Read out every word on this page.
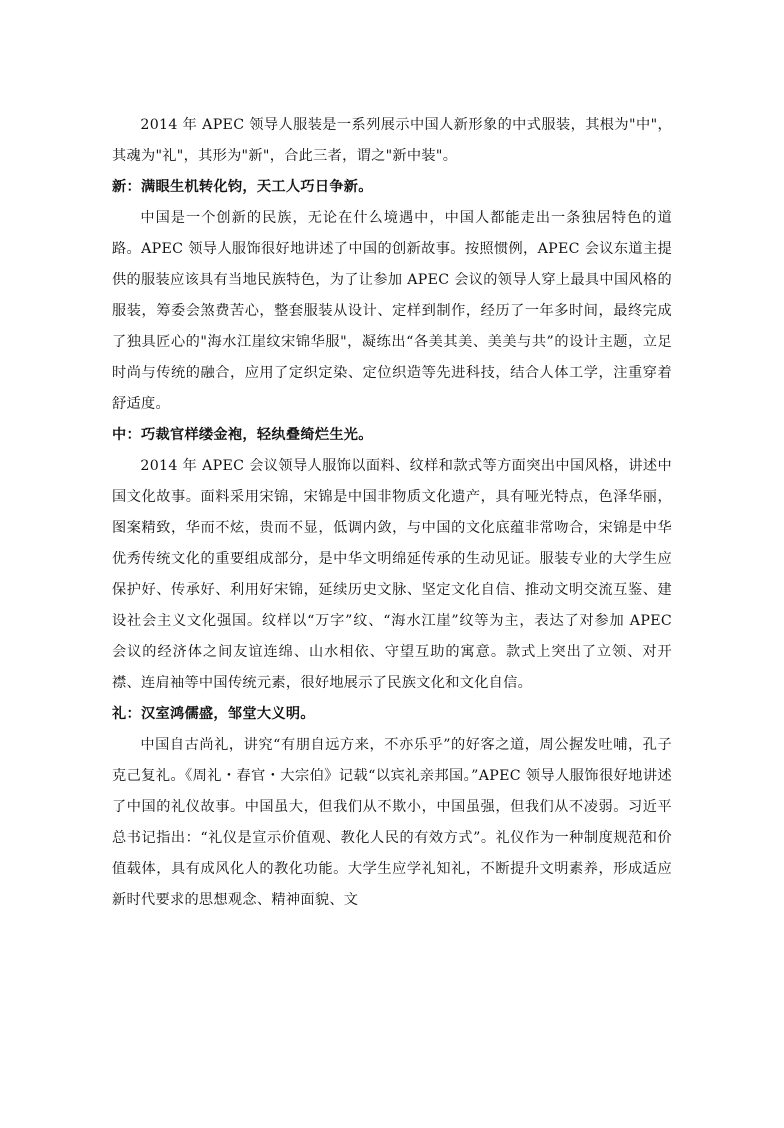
2014 年 APEC 领导人服装是一系列展示中国人新形象的中式服装，其根为"中"，其魂为"礼"，其形为"新"，合此三者，谓之"新中装"。

新：满眼生机转化钧，天工人巧日争新。

中国是一个创新的民族，无论在什么境遇中，中国人都能走出一条独居特色的道路。APEC 领导人服饰很好地讲述了中国的创新故事。按照惯例，APEC 会议东道主提供的服装应该具有当地民族特色，为了让参加 APEC 会议的领导人穿上最具中国风格的服装，筹委会煞费苦心，整套服装从设计、定样到制作，经历了一年多时间，最终完成了独具匠心的"海水江崖纹宋锦华服"，凝练出“各美其美、美美与共”的设计主题，立足时尚与传统的融合，应用了定织定染、定位织造等先进科技，结合人体工学，注重穿着舒适度。

中：巧裁官样缕金袍，轻纨叠绮烂生光。

2014 年 APEC 会议领导人服饰以面料、纹样和款式等方面突出中国风格，讲述中国文化故事。面料采用宋锦，宋锦是中国非物质文化遗产，具有哑光特点，色泽华丽，图案精致，华而不炫，贵而不显，低调内敛，与中国的文化底蕴非常吻合，宋锦是中华优秀传统文化的重要组成部分，是中华文明绵延传承的生动见证。服装专业的大学生应保护好、传承好、利用好宋锦，延续历史文脉、坚定文化自信、推动文明交流互鉴、建设社会主义文化强国。纹样以“万字”纹、“海水江崖”纹等为主，表达了对参加 APEC 会议的经济体之间友谊连绵、山水相依、守望互助的寓意。款式上突出了立领、对开襟、连肩袖等中国传统元素，很好地展示了民族文化和文化自信。

礼：汉室鸿儒盛，邹堂大义明。

中国自古尚礼，讲究“有朋自远方来，不亦乐乎”的好客之道，周公握发吐哺，孔子克己复礼。《周礼・春官・大宗伯》记载“以宾礼亲邦国。”APEC 领导人服饰很好地讲述了中国的礼仪故事。中国虽大，但我们从不欺小，中国虽强，但我们从不凌弱。习近平总书记指出：“礼仪是宣示价值观、教化人民的有效方式”。礼仪作为一种制度规范和价值载体，具有成风化人的教化功能。大学生应学礼知礼，不断提升文明素养，形成适应新时代要求的思想观念、精神面貌、文
